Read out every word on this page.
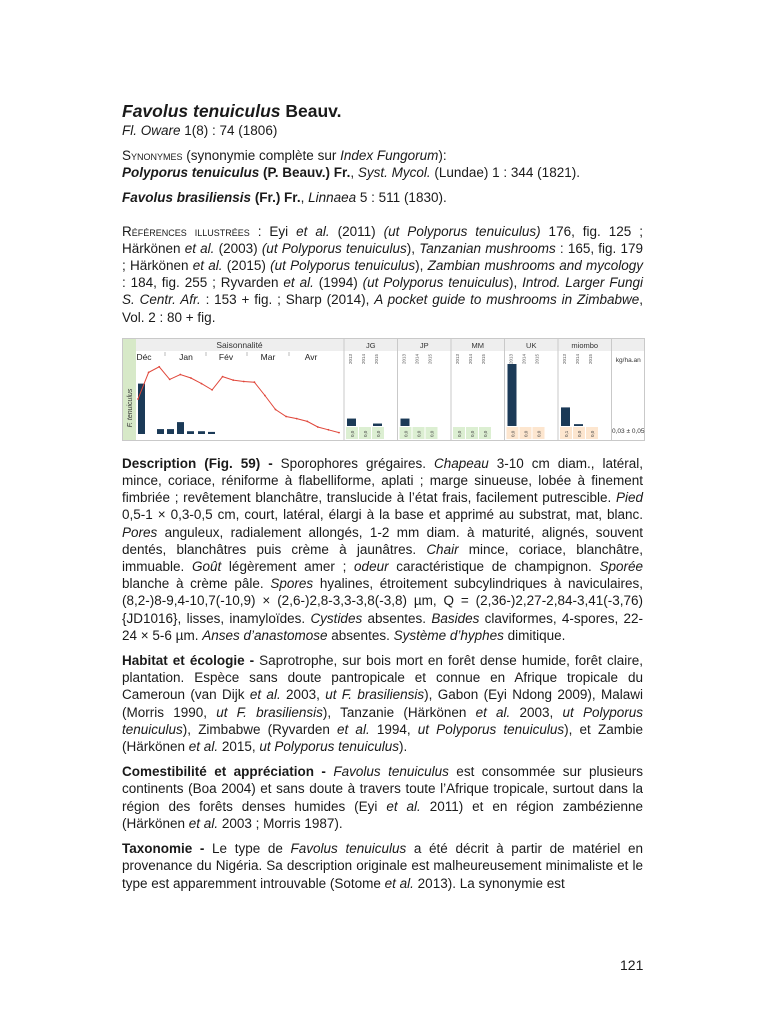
Favolus tenuiculus Beauv.
Fl. Oware 1(8) : 74 (1806)

Synonymes (synonymie complète sur Index Fungorum):
Polyporus tenuiculus (P. Beauv.) Fr., Syst. Mycol. (Lundae) 1 : 344 (1821).

Favolus brasiliensis (Fr.) Fr., Linnaea 5 : 511 (1830).

Références illustrées : Eyi et al. (2011) (ut Polyporus tenuiculus) 176, fig. 125 ; Härkönen et al. (2003) (ut Polyporus tenuiculus), Tanzanian mushrooms : 165, fig. 179 ; Härkönen et al. (2015) (ut Polyporus tenuiculus), Zambian mushrooms and mycology : 184, fig. 255 ; Ryvarden et al. (1994) (ut Polyporus tenuiculus), Introd. Larger Fungi S. Centr. Afr. : 153 + fig. ; Sharp (2014), A pocket guide to mushrooms in Zimbabwe, Vol. 2 : 80 + fig.

F. tenuiculus
Saisonnalité
Déc	Jan	Fév	Mar	Avr
JG
2013
0,0
2014
0,0
2015
0,0
JP
2013
0,0
2014
0,0
2015
0,0
MM
2013
0,0
2014
0,0
2015
0,0
UK
2013
0,0
2014
0,0
2015
0,0
miombo
2013
0,1
2014
0,0
2015
0,0
kg/ha.an
0,03 ± 0,05

Description (Fig. 59) - Sporophores grégaires. Chapeau 3-10 cm diam., latéral, mince, coriace, réniforme à flabelliforme, aplati ; marge sinueuse, lobée à finement fimbriée ; revêtement blanchâtre, translucide à l’état frais, facilement putrescible. Pied 0,5-1 × 0,3-0,5 cm, court, latéral, élargi à la base et apprimé au substrat, mat, blanc. Pores anguleux, radialement allongés, 1-2 mm diam. à maturité, alignés, souvent dentés, blanchâtres puis crème à jaunâtres. Chair mince, coriace, blanchâtre, immuable. Goût légèrement amer ; odeur caractéristique de champignon. Sporée blanche à crème pâle. Spores hyalines, étroitement subcylindriques à naviculaires, (8,2-)8-9,4-10,7(-10,9) × (2,6-)2,8-3,3-3,8(-3,8) µm, Q = (2,36-)2,27-2,84-3,41(-3,76) {JD1016}, lisses, inamyloïdes. Cystides absentes. Basides claviformes, 4-spores, 22-24 × 5-6 µm. Anses d’anastomose absentes. Système d’hyphes dimitique.

Habitat et écologie - Saprotrophe, sur bois mort en forêt dense humide, forêt claire, plantation. Espèce sans doute pantropicale et connue en Afrique tropicale du Cameroun (van Dijk et al. 2003, ut F. brasiliensis), Gabon (Eyi Ndong 2009), Malawi (Morris 1990, ut F. brasiliensis), Tanzanie (Härkönen et al. 2003, ut Polyporus tenuiculus), Zimbabwe (Ryvarden et al. 1994, ut Polyporus tenuiculus), et Zambie (Härkönen et al. 2015, ut Polyporus tenuiculus).

Comestibilité et appréciation - Favolus tenuiculus est consommée sur plusieurs continents (Boa 2004) et sans doute à travers toute l’Afrique tropicale, surtout dans la région des forêts denses humides (Eyi et al. 2011) et en région zambézienne (Härkönen et al. 2003 ; Morris 1987).

Taxonomie - Le type de Favolus tenuiculus a été décrit à partir de matériel en provenance du Nigéria. Sa description originale est malheureusement minimaliste et le type est apparemment introuvable (Sotome et al. 2013). La synonymie est

121
